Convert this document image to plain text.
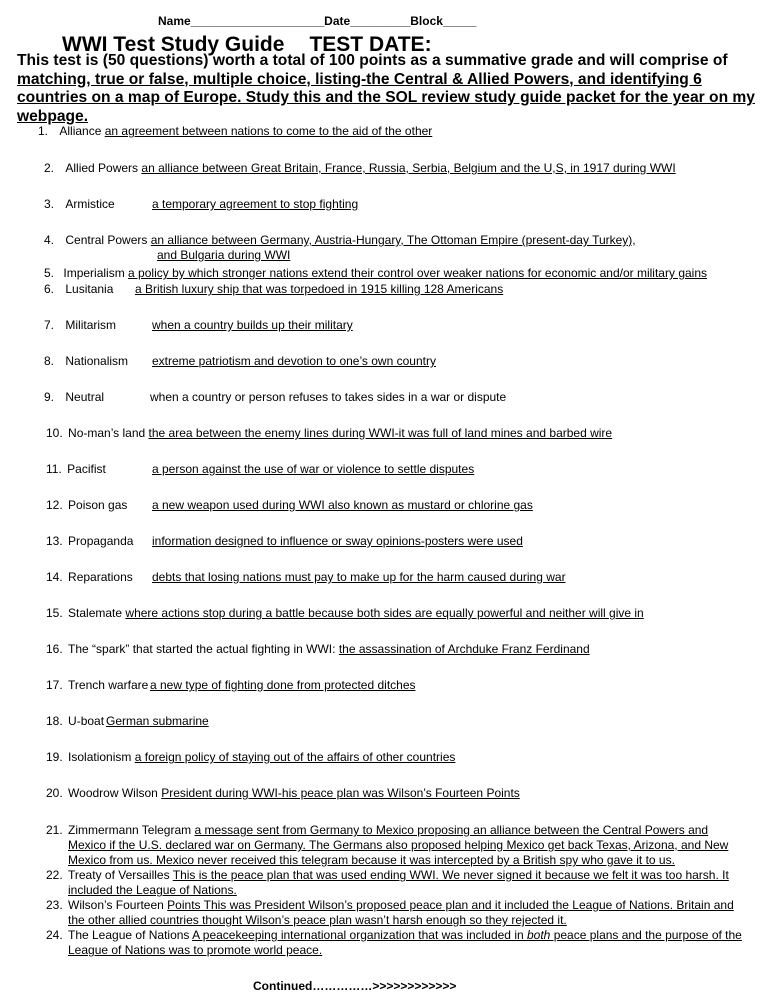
Name____________________Date_________Block_____
WWI Test Study Guide TEST DATE:
This test is (50 questions) worth a total of 100 points as a summative grade and will comprise of matching, true or false, multiple choice, listing-the Central & Allied Powers, and identifying 6 countries on a map of Europe. Study this and the SOL review study guide packet for the year on my webpage.
1. Alliance an agreement between nations to come to the aid of the other
2. Allied Powers an alliance between Great Britain, France, Russia, Serbia, Belgium and the U,S, in 1917 during WWI
3. Armistice	a temporary agreement to stop fighting
4. Central Powers an alliance between Germany, Austria-Hungary, The Ottoman Empire (present-day Turkey),
and Bulgaria during WWI
5. Imperialism a policy by which stronger nations extend their control over weaker nations for economic and/or military gains
6. Lusitania a British luxury ship that was torpedoed in 1915 killing 128 Americans
7. Militarism	when a country builds up their military
8. Nationalism extreme patriotism and devotion to one’s own country
9. Neutral	when a country or person refuses to takes sides in a war or dispute
10. No-man’s land the area between the enemy lines during WWI-it was full of land mines and barbed wire
11. Pacifist	a person against the use of war or violence to settle disputes
12. Poison gas a new weapon used during WWI also known as mustard or chlorine gas
13. Propaganda information designed to influence or sway opinions-posters were used
14. Reparations debts that losing nations must pay to make up for the harm caused during war
15. Stalemate where actions stop during a battle because both sides are equally powerful and neither will give in
16. The “spark” that started the actual fighting in WWI: the assassination of Archduke Franz Ferdinand
17. Trench warfare a new type of fighting done from protected ditches
18. U-boat German submarine
19. Isolationism a foreign policy of staying out of the affairs of other countries
20. Woodrow Wilson President during WWI-his peace plan was Wilson’s Fourteen Points
21. Zimmermann Telegram a message sent from Germany to Mexico proposing an alliance between the Central Powers and Mexico if the U.S. declared war on Germany. The Germans also proposed helping Mexico get back Texas, Arizona, and New Mexico from us. Mexico never received this telegram because it was intercepted by a British spy who gave it to us.
22. Treaty of Versailles This is the peace plan that was used ending WWI. We never signed it because we felt it was too harsh. It included the League of Nations.
23. Wilson’s Fourteen Points This was President Wilson’s proposed peace plan and it included the League of Nations. Britain and the other allied countries thought Wilson’s peace plan wasn’t harsh enough so they rejected it.
24. The League of Nations A peacekeeping international organization that was included in both peace plans and the purpose of the League of Nations was to promote world peace.
Continued……………>>>>>>>>>>>>
